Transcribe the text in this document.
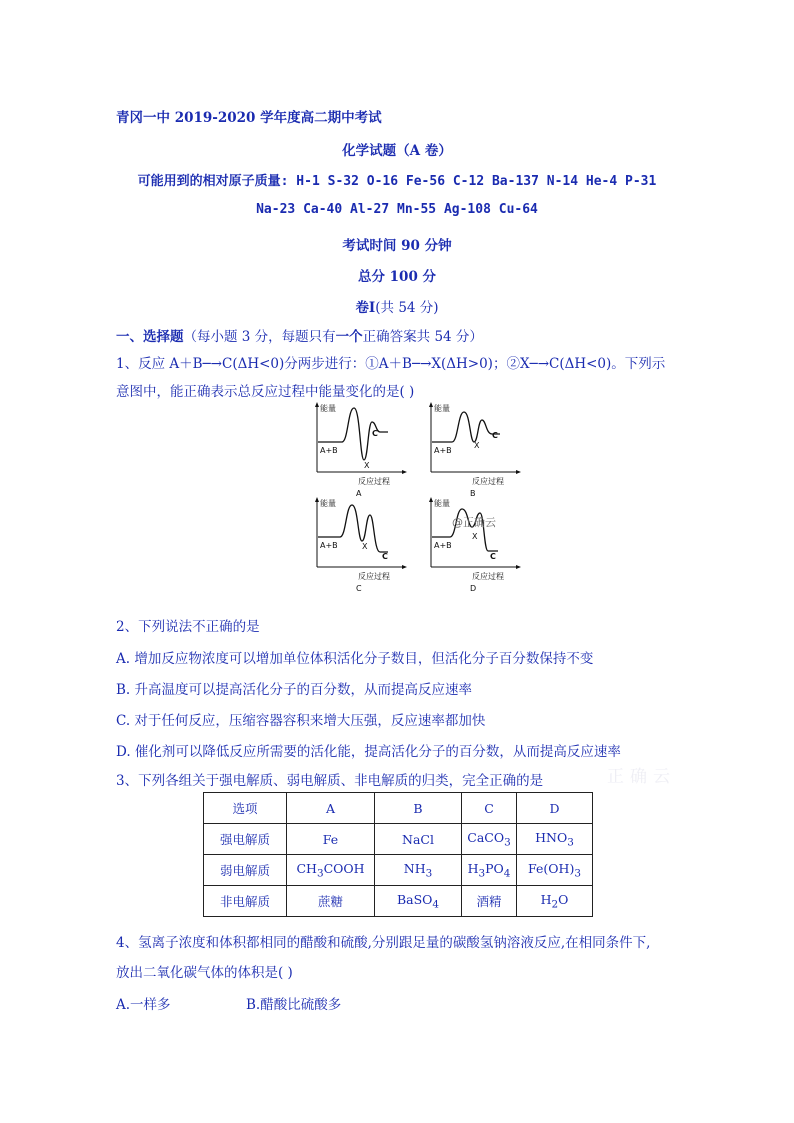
青冈一中 2019-2020 学年度高二期中考试
化学试题（A 卷）
可能用到的相对原子质量: H-1 S-32 O-16 Fe-56 C-12 Ba-137 N-14 He-4 P-31
Na-23 Ca-40 Al-27 Mn-55 Ag-108 Cu-64
考试时间 90 分钟
总分 100 分
卷Ⅰ(共 54 分)
一、选择题（每小题 3 分，每题只有一个正确答案共 54 分）
1、反应 A＋B─→C(ΔH<0)分两步进行：①A＋B─→X(ΔH>0)；②X─→C(ΔH<0)。下列示
意图中，能正确表示总反应过程中能量变化的是( )
能量
A+B
X
C
反应过程
A
能量
A+B
X
C
反应过程
B
能量
A+B	X
C
反应过程
C
能量
A+B
X
C
反应过程
D
@正确云
2、下列说法不正确的是
A. 增加反应物浓度可以增加单位体积活化分子数目，但活化分子百分数保持不变
B. 升高温度可以提高活化分子的百分数，从而提高反应速率
C. 对于任何反应，压缩容器容积来增大压强，反应速率都加快
D. 催化剂可以降低反应所需要的活化能，提高活化分子的百分数，从而提高反应速率
3、下列各组关于强电解质、弱电解质、非电解质的归类，完全正确的是	正确云
选项	A	B	C	D
强电解质	Fe	NaCl	CaCO$_3$	$HNO_3$
弱电解质	$CH_3COOH$	$NH_3$	$H_3PO_4$	$Fe(OH)_3$
非电解质	蔗糖	BaSO$_4$	酒精	$H_2O$
4、氢离子浓度和体积都相同的醋酸和硫酸,分别跟足量的碳酸氢钠溶液反应,在相同条件下,
放出二氧化碳气体的体积是( )
A.一样多	B.醋酸比硫酸多
